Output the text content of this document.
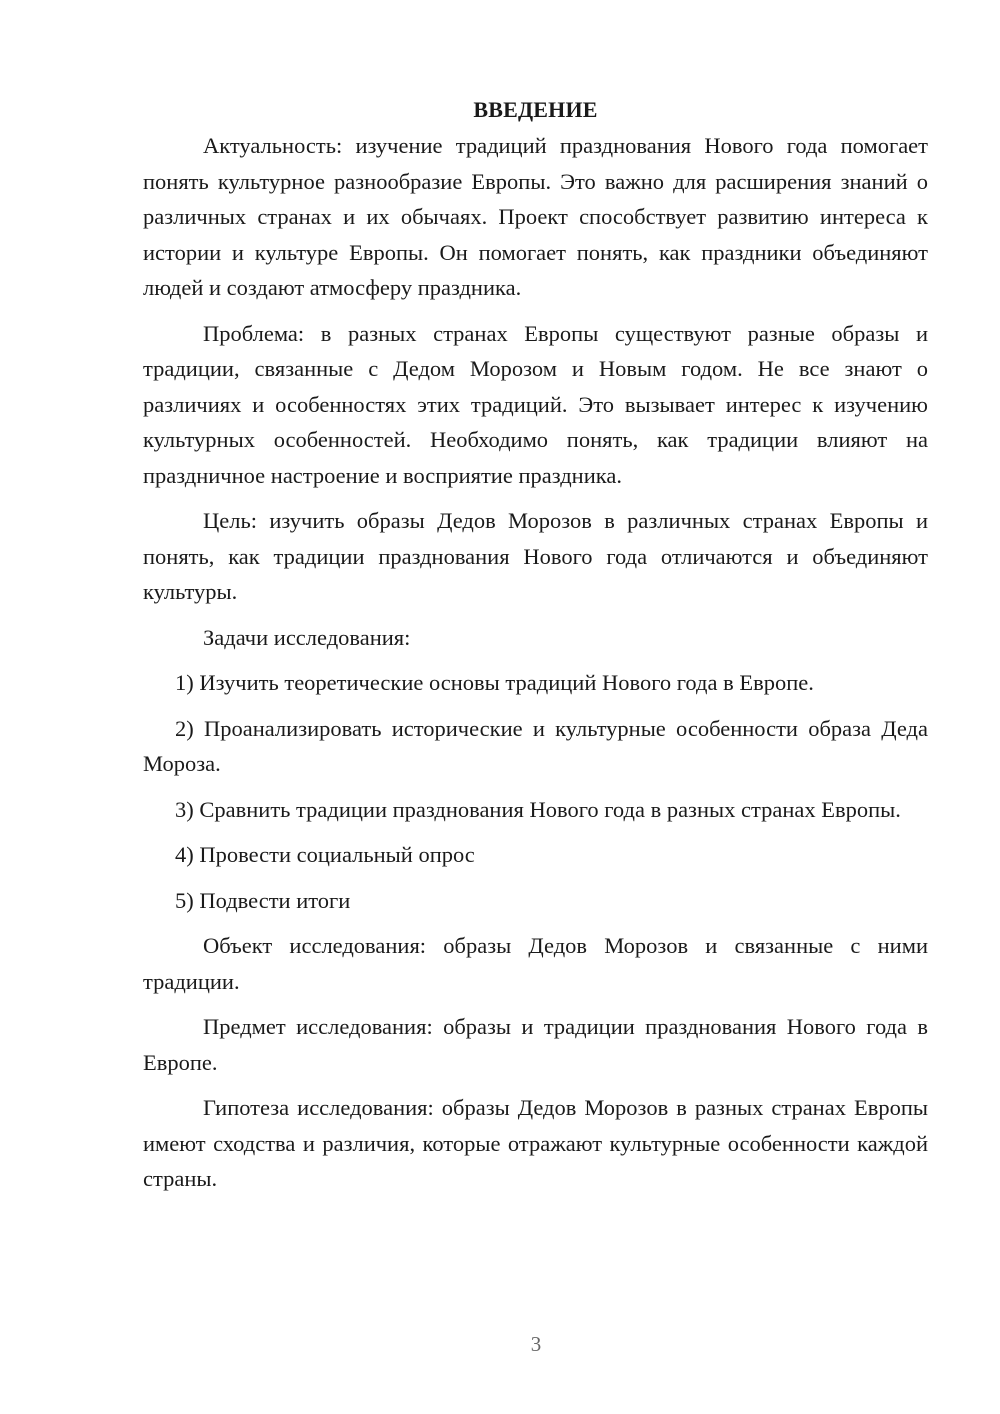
ВВЕДЕНИЕ

Актуальность: изучение традиций празднования Нового года помогает понять культурное разнообразие Европы. Это важно для расширения знаний о различных странах и их обычаях. Проект способствует развитию интереса к истории и культуре Европы. Он помогает понять, как праздники объединяют людей и создают атмосферу праздника.

Проблема: в разных странах Европы существуют разные образы и традиции, связанные с Дедом Морозом и Новым годом. Не все знают о различиях и особенностях этих традиций. Это вызывает интерес к изучению культурных особенностей. Необходимо понять, как традиции влияют на праздничное настроение и восприятие праздника.

Цель: изучить образы Дедов Морозов в различных странах Европы и понять, как традиции празднования Нового года отличаются и объединяют культуры.

Задачи исследования:

1) Изучить теоретические основы традиций Нового года в Европе.

2) Проанализировать исторические и культурные особенности образа Деда Мороза.

3) Сравнить традиции празднования Нового года в разных странах Европы.

4) Провести социальный опрос

5) Подвести итоги

Объект исследования: образы Дедов Морозов и связанные с ними традиции.

Предмет исследования: образы и традиции празднования Нового года в Европе.

Гипотеза исследования: образы Дедов Морозов в разных странах Европы имеют сходства и различия, которые отражают культурные особенности каждой страны.

3
